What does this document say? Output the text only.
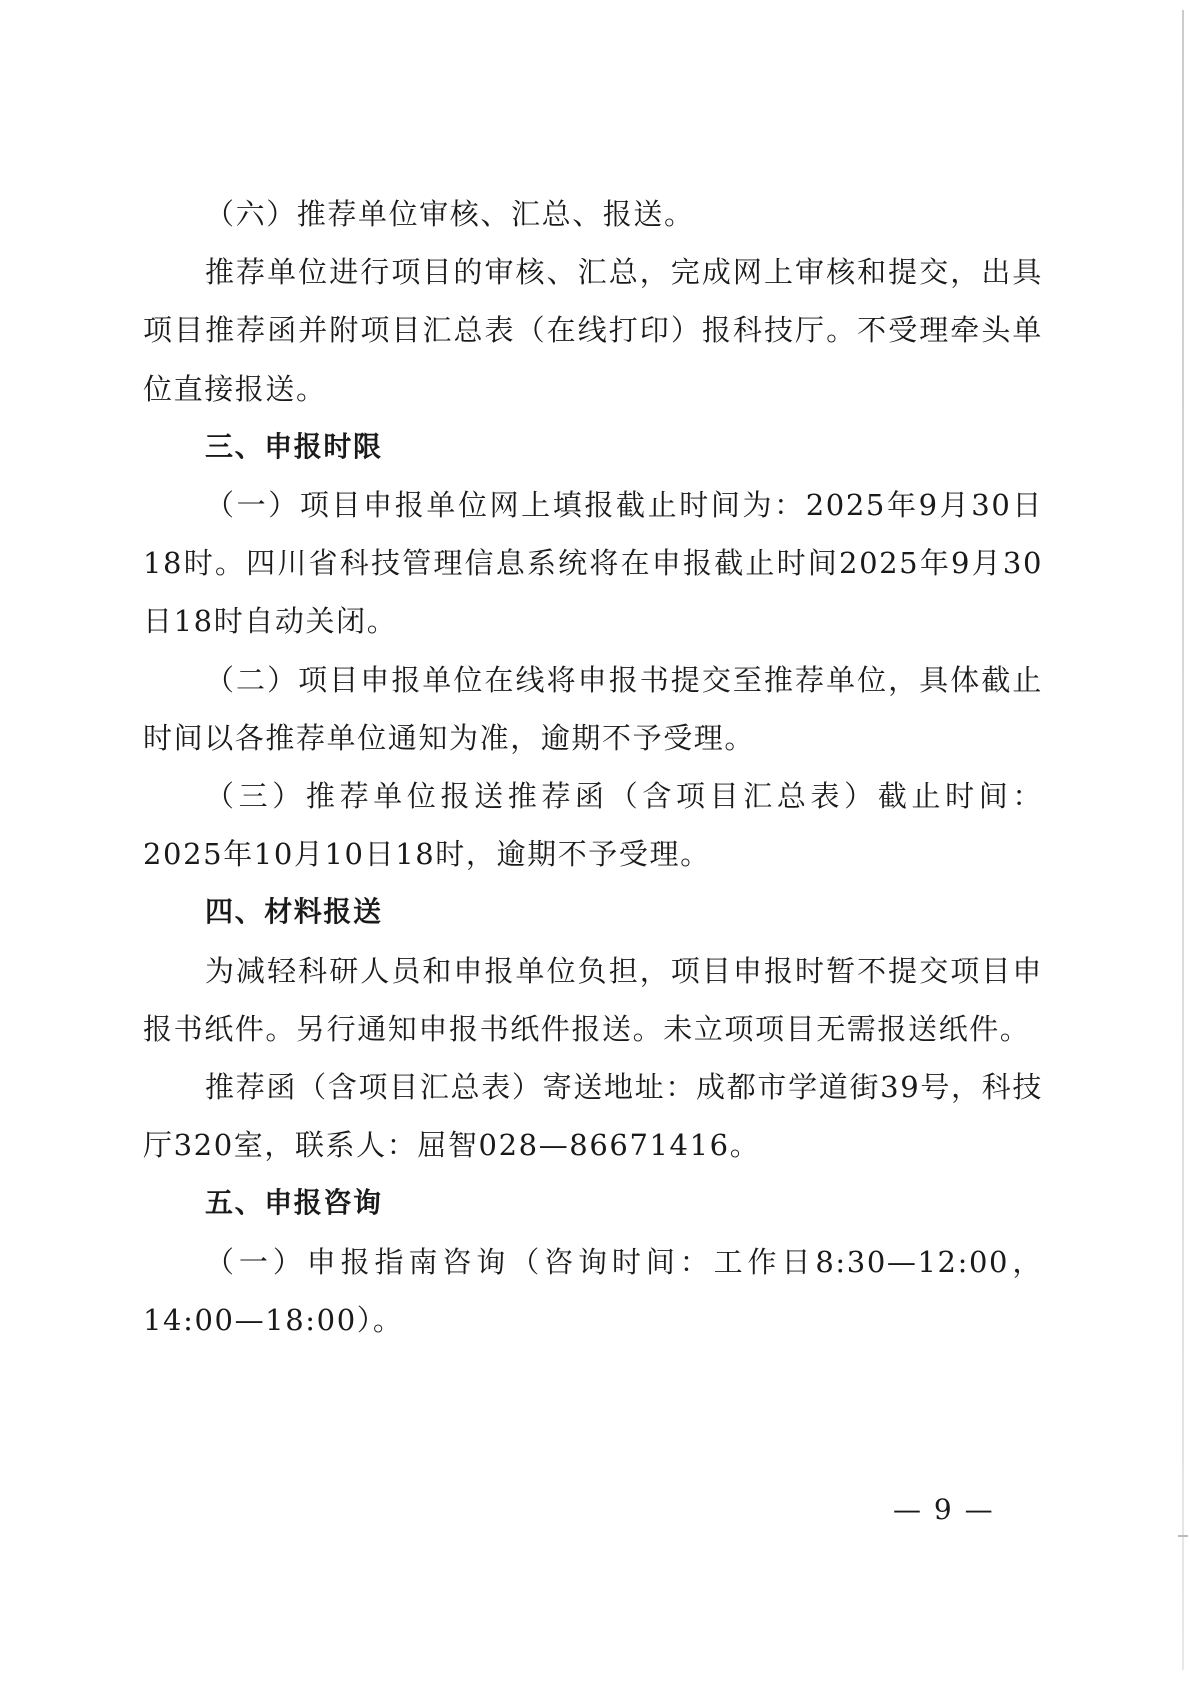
（六）推荐单位审核、汇总、报送。

推荐单位进行项目的审核、汇总，完成网上审核和提交，出具项目推荐函并附项目汇总表（在线打印）报科技厅。不受理牵头单位直接报送。

三、申报时限

（一）项目申报单位网上填报截止时间为：2025年9月30日18时。四川省科技管理信息系统将在申报截止时间2025年9月30日18时自动关闭。

（二）项目申报单位在线将申报书提交至推荐单位，具体截止时间以各推荐单位通知为准，逾期不予受理。

（三）推荐单位报送推荐函（含项目汇总表）截止时间：2025年10月10日18时，逾期不予受理。

四、材料报送

为减轻科研人员和申报单位负担，项目申报时暂不提交项目申报书纸件。另行通知申报书纸件报送。未立项项目无需报送纸件。

推荐函（含项目汇总表）寄送地址：成都市学道街39号，科技厅320室，联系人：屈智028—86671416。

五、申报咨询

（一）申报指南咨询（咨询时间：工作日8:30—12:00，14:00—18:00）。

— 9 —
